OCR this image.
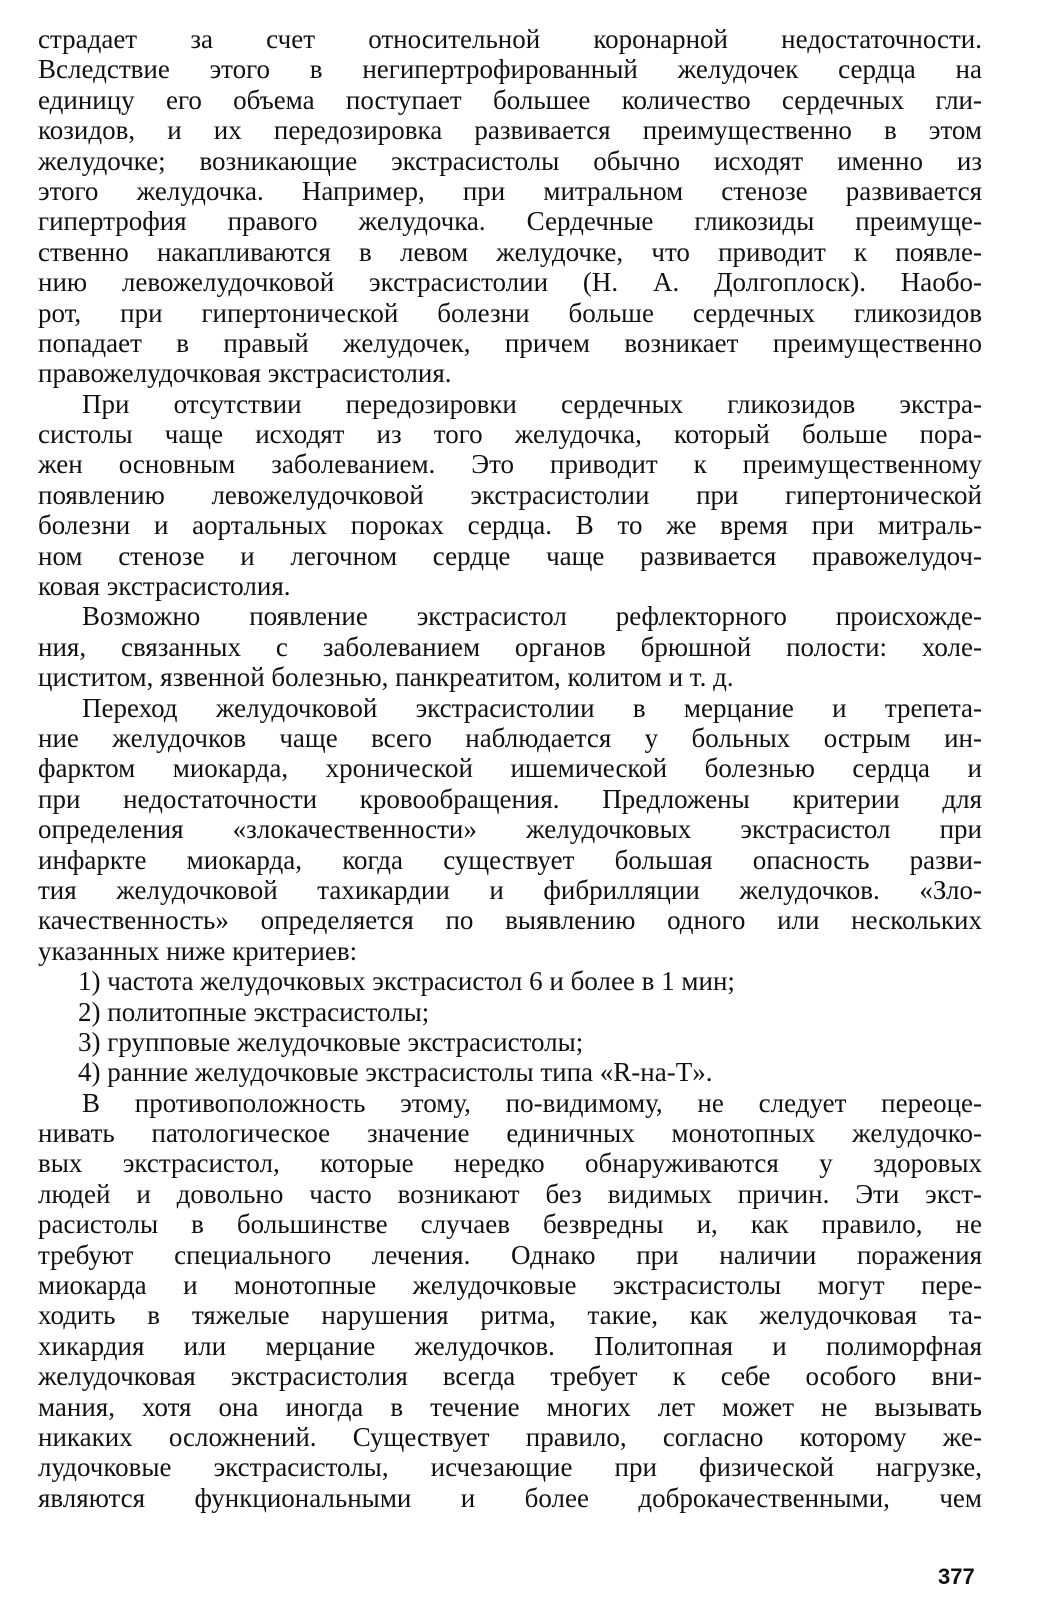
страдает за счет относительной коронарной недостаточности.
Вследствие этого в негипертрофированный желудочек сердца на
единицу его объема поступает большее количество сердечных гли-
козидов, и их передозировка развивается преимущественно в этом
желудочке; возникающие экстрасистолы обычно исходят именно из
этого желудочка. Например, при митральном стенозе развивается
гипертрофия правого желудочка. Сердечные гликозиды преимуще-
ственно накапливаются в левом желудочке, что приводит к появле-
нию левожелудочковой экстрасистолии (Н. А. Долгоплоск). Наобо-
рот, при гипертонической болезни больше сердечных гликозидов
попадает в правый желудочек, причем возникает преимущественно
правожелудочковая экстрасистолия.
При отсутствии передозировки сердечных гликозидов экстра-
систолы чаще исходят из того желудочка, который больше пора-
жен основным заболеванием. Это приводит к преимущественному
появлению левожелудочковой экстрасистолии при гипертонической
болезни и аортальных пороках сердца. В то же время при митраль-
ном стенозе и легочном сердце чаще развивается правожелудоч-
ковая экстрасистолия.
Возможно появление экстрасистол рефлекторного происхожде-
ния, связанных с заболеванием органов брюшной полости: холе-
циститом, язвенной болезнью, панкреатитом, колитом и т. д.
Переход желудочковой экстрасистолии в мерцание и трепета-
ние желудочков чаще всего наблюдается у больных острым ин-
фарктом миокарда, хронической ишемической болезнью сердца и
при недостаточности кровообращения. Предложены критерии для
определения «злокачественности» желудочковых экстрасистол при
инфаркте миокарда, когда существует большая опасность разви-
тия желудочковой тахикардии и фибрилляции желудочков. «Зло-
качественность» определяется по выявлению одного или нескольких
указанных ниже критериев:
1) частота желудочковых экстрасистол 6 и более в 1 мин;
2) политопные экстрасистолы;
3) групповые желудочковые экстрасистолы;
4) ранние желудочковые экстрасистолы типа «R-на-T».
В противоположность этому, по-видимому, не следует переоце-
нивать патологическое значение единичных монотопных желудочко-
вых экстрасистол, которые нередко обнаруживаются у здоровых
людей и довольно часто возникают без видимых причин. Эти экст-
расистолы в большинстве случаев безвредны и, как правило, не
требуют специального лечения. Однако при наличии поражения
миокарда и монотопные желудочковые экстрасистолы могут пере-
ходить в тяжелые нарушения ритма, такие, как желудочковая та-
хикардия или мерцание желудочков. Политопная и полиморфная
желудочковая экстрасистолия всегда требует к себе особого вни-
мания, хотя она иногда в течение многих лет может не вызывать
никаких осложнений. Существует правило, согласно которому же-
лудочковые экстрасистолы, исчезающие при физической нагрузке,
являются функциональными и более доброкачественными, чем
377
